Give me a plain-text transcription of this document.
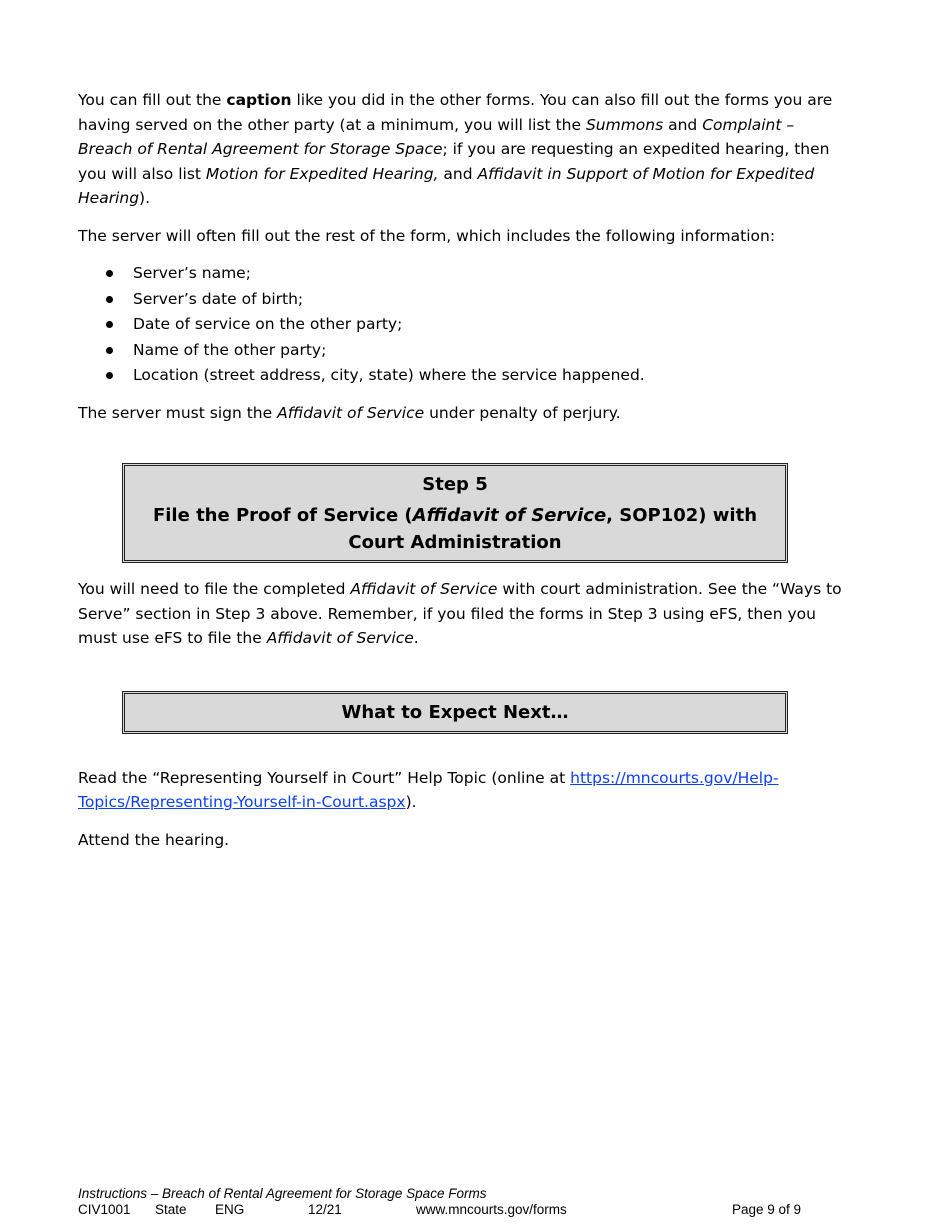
You can fill out the caption like you did in the other forms. You can also fill out the forms you are having served on the other party (at a minimum, you will list the Summons and Complaint – Breach of Rental Agreement for Storage Space; if you are requesting an expedited hearing, then you will also list Motion for Expedited Hearing, and Affidavit in Support of Motion for Expedited Hearing).

The server will often fill out the rest of the form, which includes the following information:

Server’s name;
Server’s date of birth;
Date of service on the other party;
Name of the other party;
Location (street address, city, state) where the service happened.

The server must sign the Affidavit of Service under penalty of perjury.

Step 5
File the Proof of Service (Affidavit of Service, SOP102) with Court Administration

You will need to file the completed Affidavit of Service with court administration. See the “Ways to Serve” section in Step 3 above. Remember, if you filed the forms in Step 3 using eFS, then you must use eFS to file the Affidavit of Service.

What to Expect Next…

Read the “Representing Yourself in Court” Help Topic (online at https://mncourts.gov/Help-Topics/Representing-Yourself-in-Court.aspx).

Attend the hearing.

Instructions – Breach of Rental Agreement for Storage Space Forms
CIV1001 State ENG	12/21	www.mncourts.gov/forms	Page 9 of 9
